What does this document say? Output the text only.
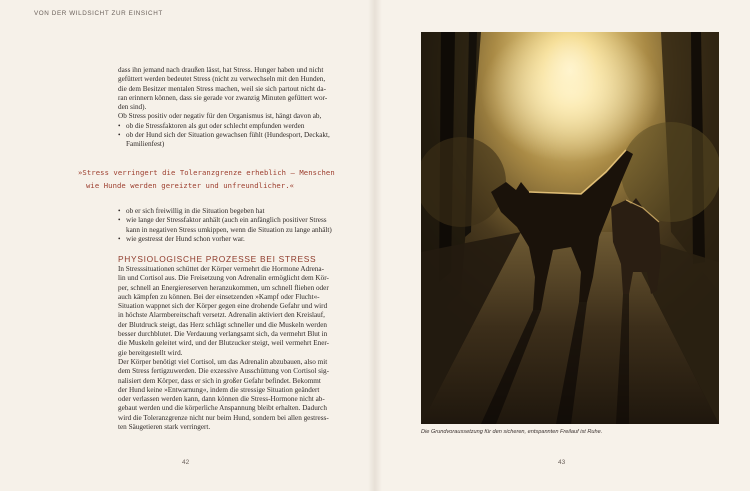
VON DER WILDSICHT ZUR EINSICHT
dass ihn jemand nach draußen lässt, hat Stress. Hunger haben und nicht
gefüttert werden bedeutet Stress (nicht zu verwechseln mit den Hunden,
die dem Besitzer mentalen Stress machen, weil sie sich partout nicht da-
ran erinnern können, dass sie gerade vor zwanzig Minuten gefüttert wor-
den sind).
Ob Stress positiv oder negativ für den Organismus ist, hängt davon ab,
• ob die Stressfaktoren als gut oder schlecht empfunden werden
• ob der Hund sich der Situation gewachsen fühlt (Hundesport, Deckakt,
Familienfest)
»Stress verringert die Toleranzgrenze erheblich – Menschen
wie Hunde werden gereizter und unfreundlicher.«
• ob er sich freiwillig in die Situation begeben hat
• wie lange der Stressfaktor anhält (auch ein anfänglich positiver Stress
kann in negativen Stress umkippen, wenn die Situation zu lange anhält)
• wie gestresst der Hund schon vorher war.
PHYSIOLOGISCHE PROZESSE BEI STRESS
In Stresssituationen schüttet der Körper vermehrt die Hormone Adrena-
lin und Cortisol aus. Die Freisetzung von Adrenalin ermöglicht dem Kör-
per, schnell an Energiereserven heranzukommen, um schnell fliehen oder
auch kämpfen zu können. Bei der einsetzenden »Kampf oder Flucht«-
Situation wappnet sich der Körper gegen eine drohende Gefahr und wird
in höchste Alarmbereitschaft versetzt. Adrenalin aktiviert den Kreislauf,
der Blutdruck steigt, das Herz schlägt schneller und die Muskeln werden
besser durchblutet. Die Verdauung verlangsamt sich, da vermehrt Blut in
die Muskeln geleitet wird, und der Blutzucker steigt, weil vermehrt Ener-
gie bereitgestellt wird.
Der Körper benötigt viel Cortisol, um das Adrenalin abzubauen, also mit
dem Stress fertigzuwerden. Die exzessive Ausschüttung von Cortisol sig-
nalisiert dem Körper, dass er sich in großer Gefahr befindet. Bekommt
der Hund keine »Entwarnung«, indem die stressige Situation geändert
oder verlassen werden kann, dann können die Stress-Hormone nicht ab-
gebaut werden und die körperliche Anspannung bleibt erhalten. Dadurch
wird die Toleranzgrenze nicht nur beim Hund, sondern bei allen gestress-
ten Säugetieren stark verringert.
42
Die Grundvoraussetzung für den sicheren, entspannten Freilauf ist Ruhe.
43
